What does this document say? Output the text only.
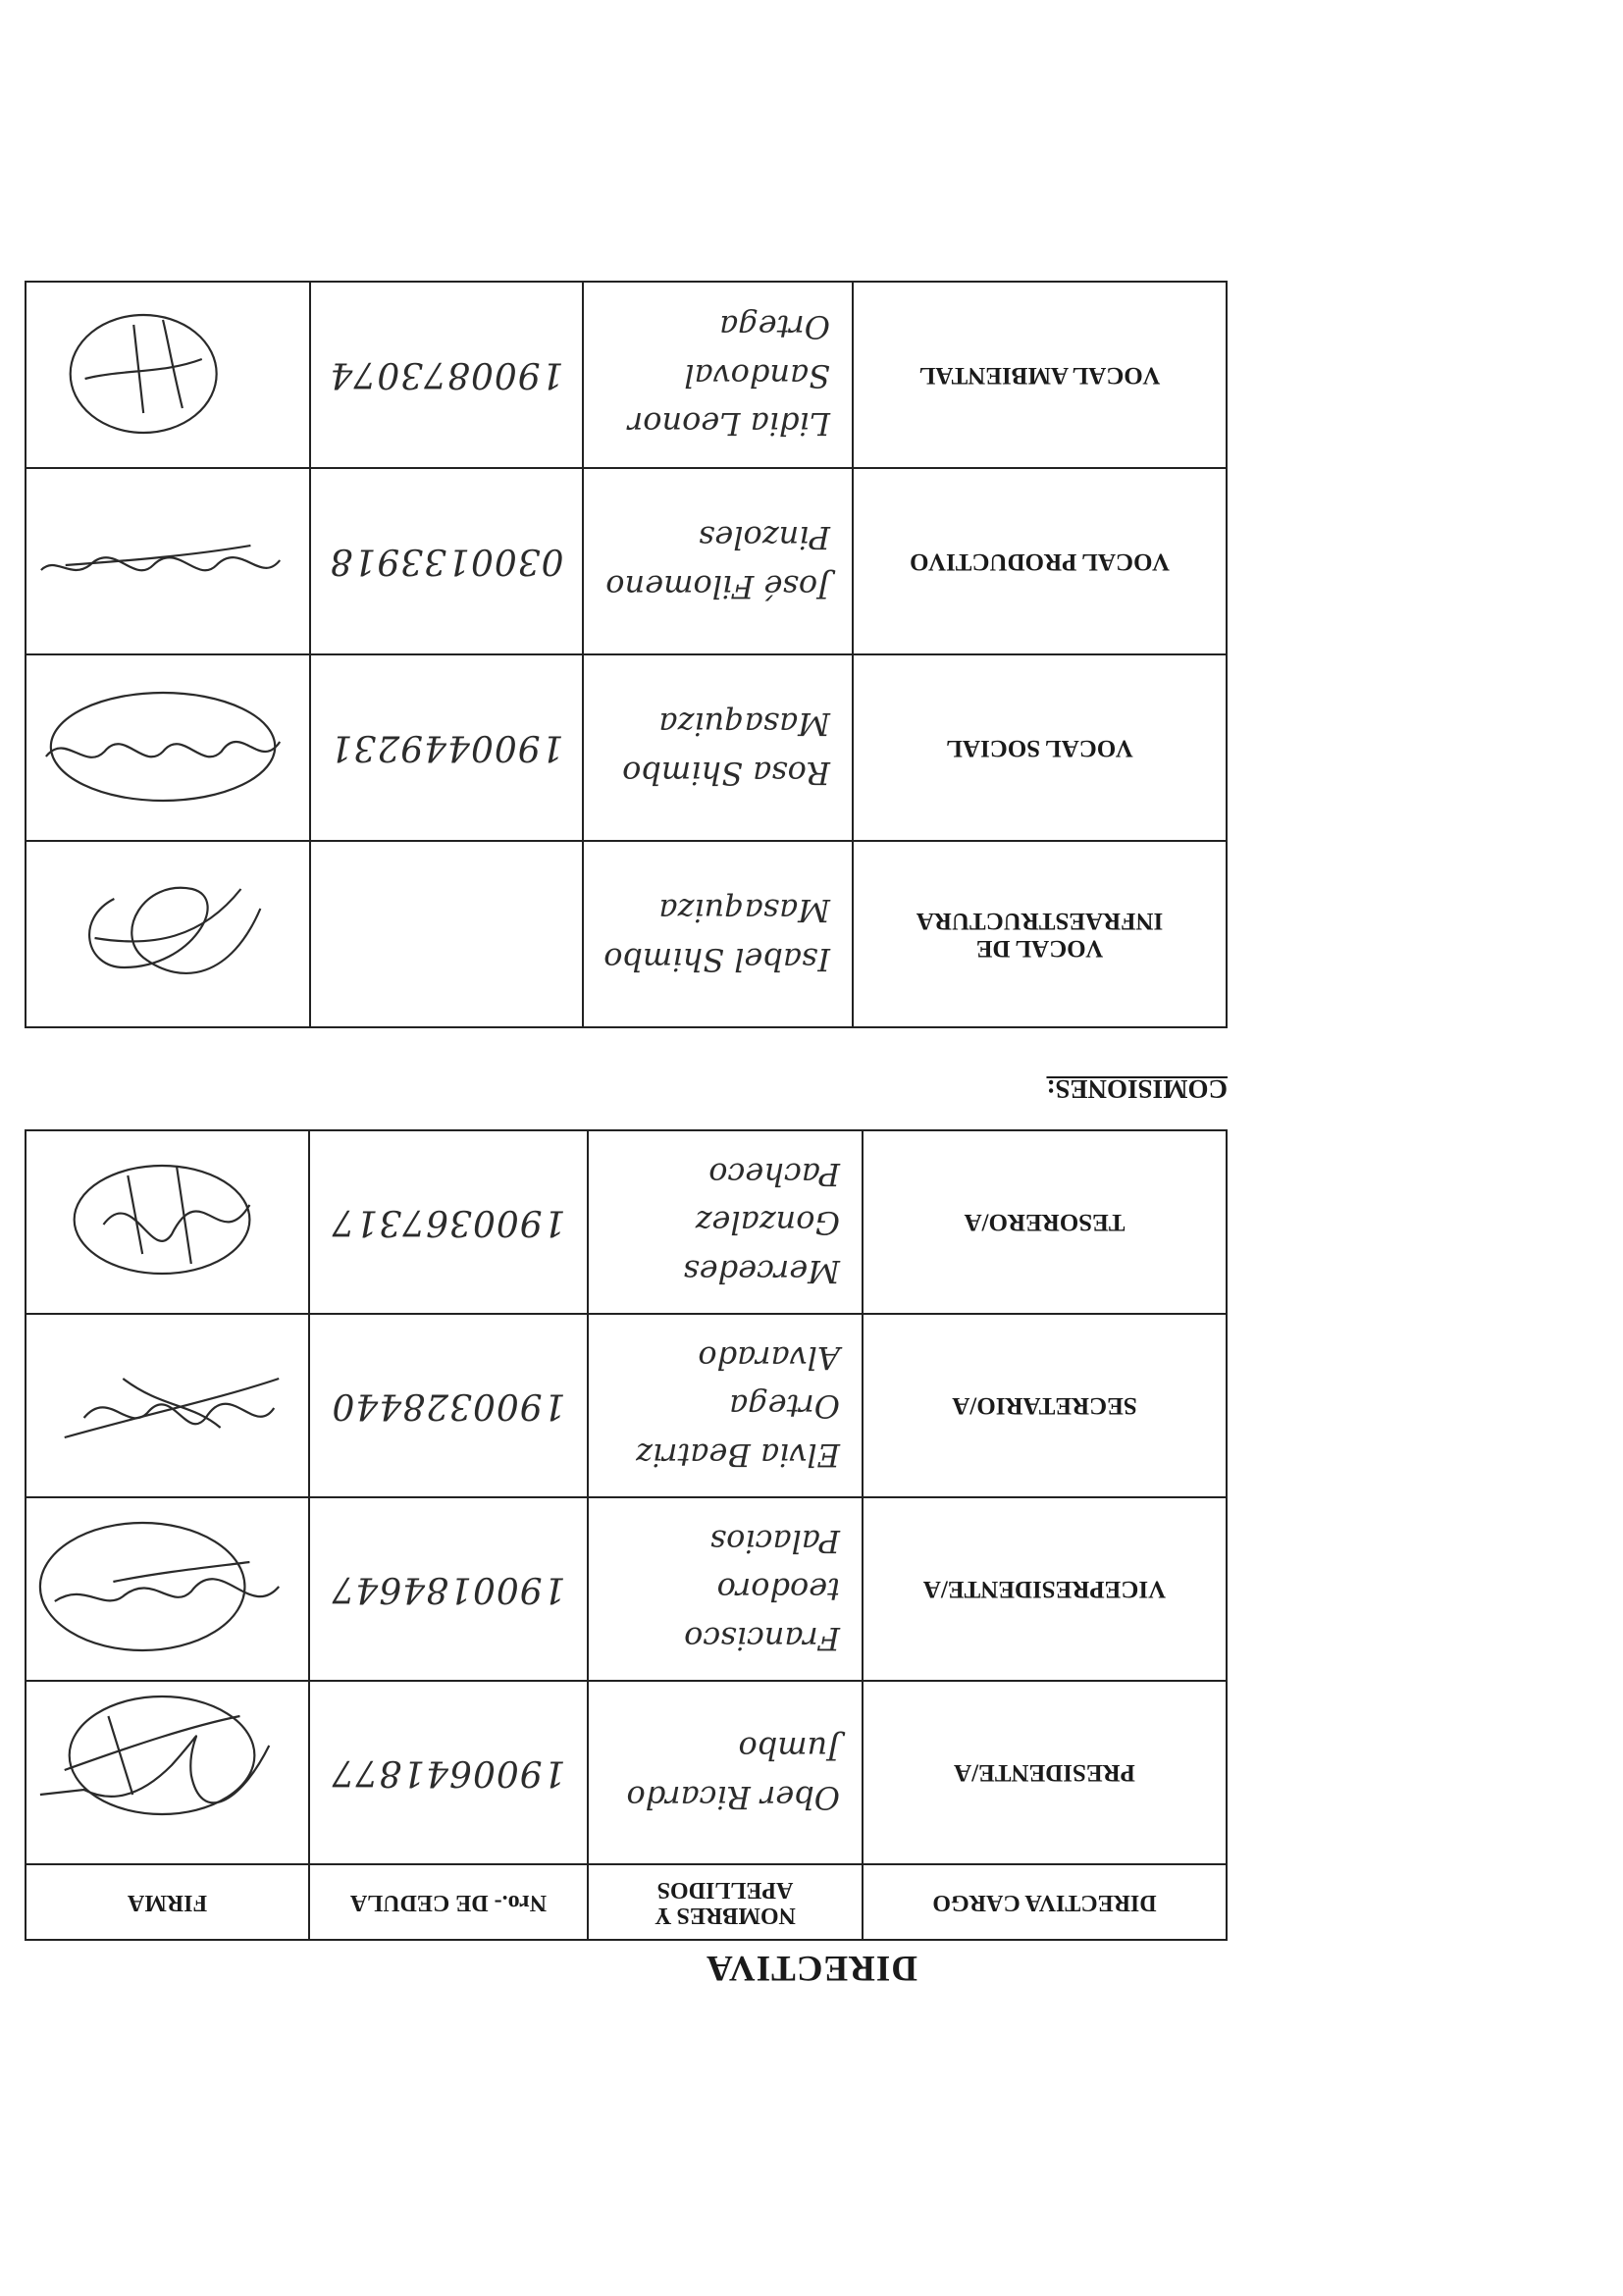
DIRECTIVA
DIRECTIVA CARGO	NOMBRES Y APELLIDOS	Nro.- DE CEDULA	FIRMA
PRESIDENTE/A	Ober Ricardo Jumbo	1900641877	

VICEPRESIDENTE/A	Francisco teodoro Palacios	1900184647	

SECRETARIO/A	Elvia Beatriz Ortega Alvarado	1900328440	

TESORERO/A	Mercedes Gonzalez Pacheco	1900367317	
COMISIONES:
VOCAL DE INFRAESTRUCTURA	Isabel Shimbo Masaquiza		

VOCAL SOCIAL	Rosa Shimbo Masaquiza	1900449231	

VOCAL PRODUCTIVO	José Filomeno Pinzoles	0300133918	

VOCAL AMBIENTAL	Lidia Leonor Sandoval Ortega	1900873074	
